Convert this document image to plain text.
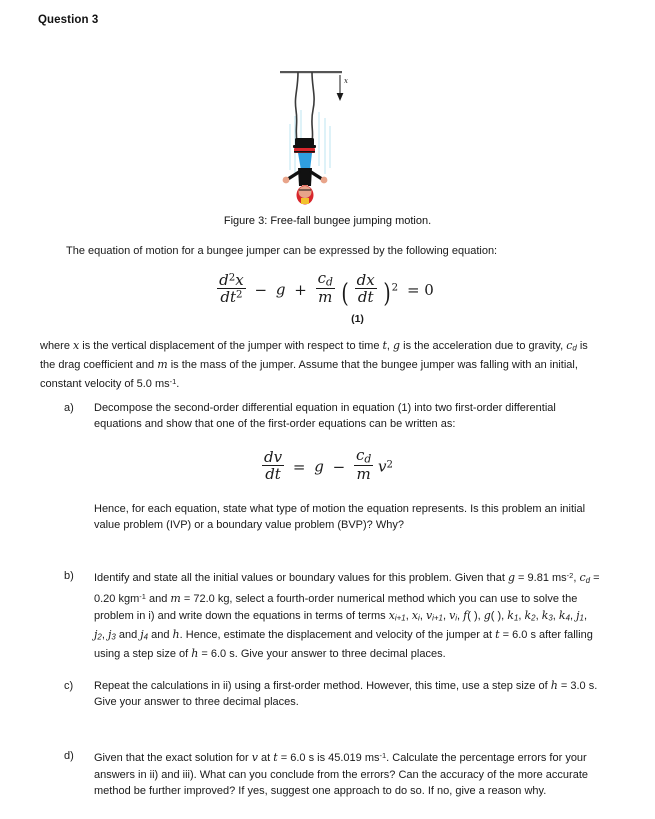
Question 3
x
Figure 3: Free-fall bungee jumping motion.
The equation of motion for a bungee jumper can be expressed by the following equation:
$\frac{d^2x}{dt^2} - g + \frac{c_d}{m}$ ( $\frac{dx}{dt} )^2 = 0$
(1)
where x is the vertical displacement of the jumper with respect to time t, g is the acceleration due to gravity, $c_d$ is the drag coefficient and m is the mass of the jumper. Assume that the bungee jumper was falling with an initial, constant velocity of 5.0 $ms^{-1}$.
a)	Decompose the second-order differential equation in equation (1) into two first-order differential equations and show that one of the first-order equations can be written as:
$\frac{dv}{dt} = g - \frac{c_d}{m} v^2$
Hence, for each equation, state what type of motion the equation represents. Is this problem an initial value problem (IVP) or a boundary value problem (BVP)? Why?
b)	Identify and state all the initial values or boundary values for this problem. Given that g = 9.81 $ms^{-2}$, $c_d = 0.20$ kgm$^{-1}$ and m = 72.0 kg, select a fourth-order numerical method which you can use to solve the problem in i) and write down the equations in terms of terms $x_{i+1}$, $x_i$, $v_{i+1}$, $v_i$, f( ), g( ), $k_1$, $k_2$, $k_3$, $k_4$, $j_1$, $j_2$, $j_3$ and $j_4$ and h. Hence, estimate the displacement and velocity of the jumper at t = 6.0 s after falling using a step size of h = 6.0 s. Give your answer to three decimal places.
c)	Repeat the calculations in ii) using a first-order method. However, this time, use a step size of h = 3.0 s. Give your answer to three decimal places.
d)	Given that the exact solution for v at t = 6.0 s is 45.019 $ms^{-1}$. Calculate the percentage errors for your answers in ii) and iii). What can you conclude from the errors? Can the accuracy of the more accurate method be further improved? If yes, suggest one approach to do so. If no, give a reason why.
